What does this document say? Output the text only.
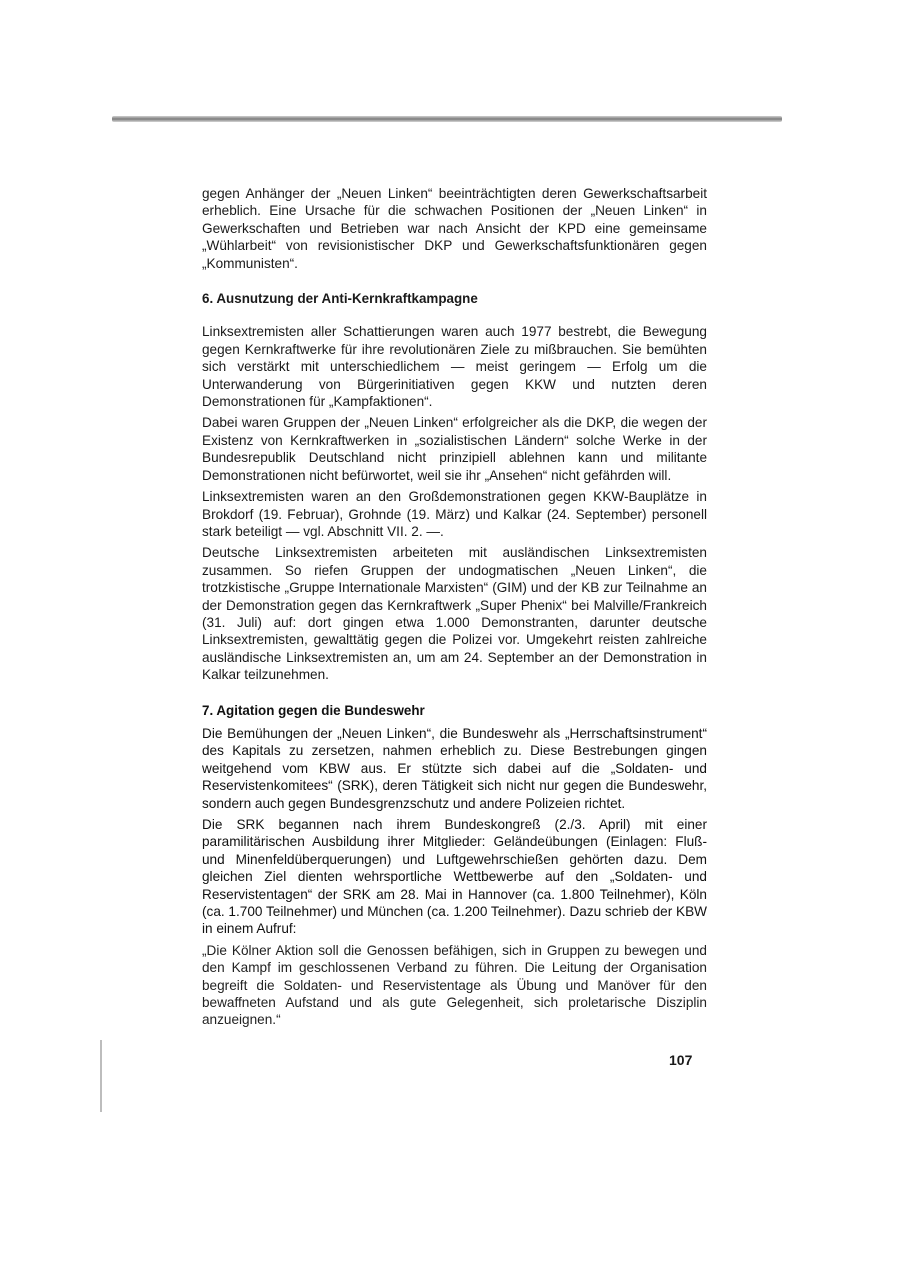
gegen Anhänger der „Neuen Linken“ beeinträchtigten deren Gewerkschaftsarbeit erheblich. Eine Ursache für die schwachen Positionen der „Neuen Linken“ in Gewerkschaften und Betrieben war nach Ansicht der KPD eine gemeinsame „Wühlarbeit“ von revisionistischer DKP und Gewerkschaftsfunktionären gegen „Kommunisten“.

6. Ausnutzung der Anti-Kernkraftkampagne

Linksextremisten aller Schattierungen waren auch 1977 bestrebt, die Bewegung gegen Kernkraftwerke für ihre revolutionären Ziele zu mißbrauchen. Sie bemühten sich verstärkt mit unterschiedlichem — meist geringem — Erfolg um die Unterwanderung von Bürgerinitiativen gegen KKW und nutzten deren Demonstrationen für „Kampfaktionen“.

Dabei waren Gruppen der „Neuen Linken“ erfolgreicher als die DKP, die wegen der Existenz von Kernkraftwerken in „sozialistischen Ländern“ solche Werke in der Bundesrepublik Deutschland nicht prinzipiell ablehnen kann und militante Demonstrationen nicht befürwortet, weil sie ihr „Ansehen“ nicht gefährden will.

Linksextremisten waren an den Großdemonstrationen gegen KKW-Bauplätze in Brokdorf (19. Februar), Grohnde (19. März) und Kalkar (24. September) personell stark beteiligt — vgl. Abschnitt VII. 2. —.

Deutsche Linksextremisten arbeiteten mit ausländischen Linksextremisten zusammen. So riefen Gruppen der undogmatischen „Neuen Linken“, die trotzkistische „Gruppe Internationale Marxisten“ (GIM) und der KB zur Teilnahme an der Demonstration gegen das Kernkraftwerk „Super Phenix“ bei Malville/Frankreich (31. Juli) auf: dort gingen etwa 1.000 Demonstranten, darunter deutsche Linksextremisten, gewalttätig gegen die Polizei vor. Umgekehrt reisten zahlreiche ausländische Linksextremisten an, um am 24. September an der Demonstration in Kalkar teilzunehmen.

7. Agitation gegen die Bundeswehr

Die Bemühungen der „Neuen Linken“, die Bundeswehr als „Herrschaftsinstrument“ des Kapitals zu zersetzen, nahmen erheblich zu. Diese Bestrebungen gingen weitgehend vom KBW aus. Er stützte sich dabei auf die „Soldaten- und Reservistenkomitees“ (SRK), deren Tätigkeit sich nicht nur gegen die Bundeswehr, sondern auch gegen Bundesgrenzschutz und andere Polizeien richtet.

Die SRK begannen nach ihrem Bundeskongreß (2./3. April) mit einer paramilitärischen Ausbildung ihrer Mitglieder: Geländeübungen (Einlagen: Fluß- und Minenfeldüberquerungen) und Luftgewehrschießen gehörten dazu. Dem gleichen Ziel dienten wehrsportliche Wettbewerbe auf den „Soldaten- und Reservistentagen“ der SRK am 28. Mai in Hannover (ca. 1.800 Teilnehmer), Köln (ca. 1.700 Teilnehmer) und München (ca. 1.200 Teilnehmer). Dazu schrieb der KBW in einem Aufruf:

„Die Kölner Aktion soll die Genossen befähigen, sich in Gruppen zu bewegen und den Kampf im geschlossenen Verband zu führen. Die Leitung der Organisation begreift die Soldaten- und Reservistentage als Übung und Manöver für den bewaffneten Aufstand und als gute Gelegenheit, sich proletarische Disziplin anzueignen.“

107
